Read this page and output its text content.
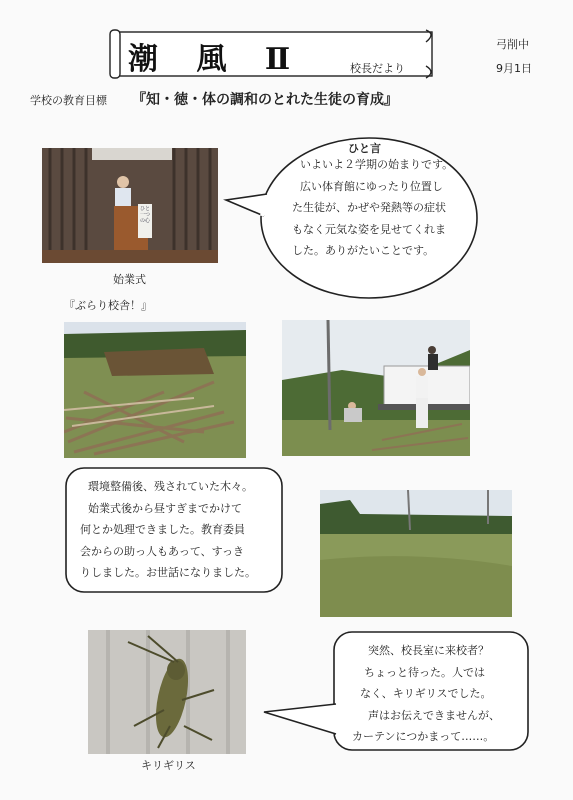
潮 風 Ⅱ	校長だより
弓削中
9月1日
学校の教育目標 『知・徳・体の調和のとれた生徒の育成』
始業式
ひと言
いよいよ２学期の始まりです。
広い体育館にゆったり位置し
た生徒が、かぜや発熱等の症状
もなく元気な姿を見せてくれま
した。ありがたいことです。
『ぶらり校舎！』
環境整備後、残されていた木々。
始業式後から昼すぎまでかけて
何とか処理できました。教育委員
会からの助っ人もあって、すっき
りしました。お世話になりました。
キリギリス
突然、校長室に来校者？
ちょっと待った。人では
なく、キリギリスでした。
声はお伝えできませんが、
カーテンにつかまって……。
ひと一つの心
